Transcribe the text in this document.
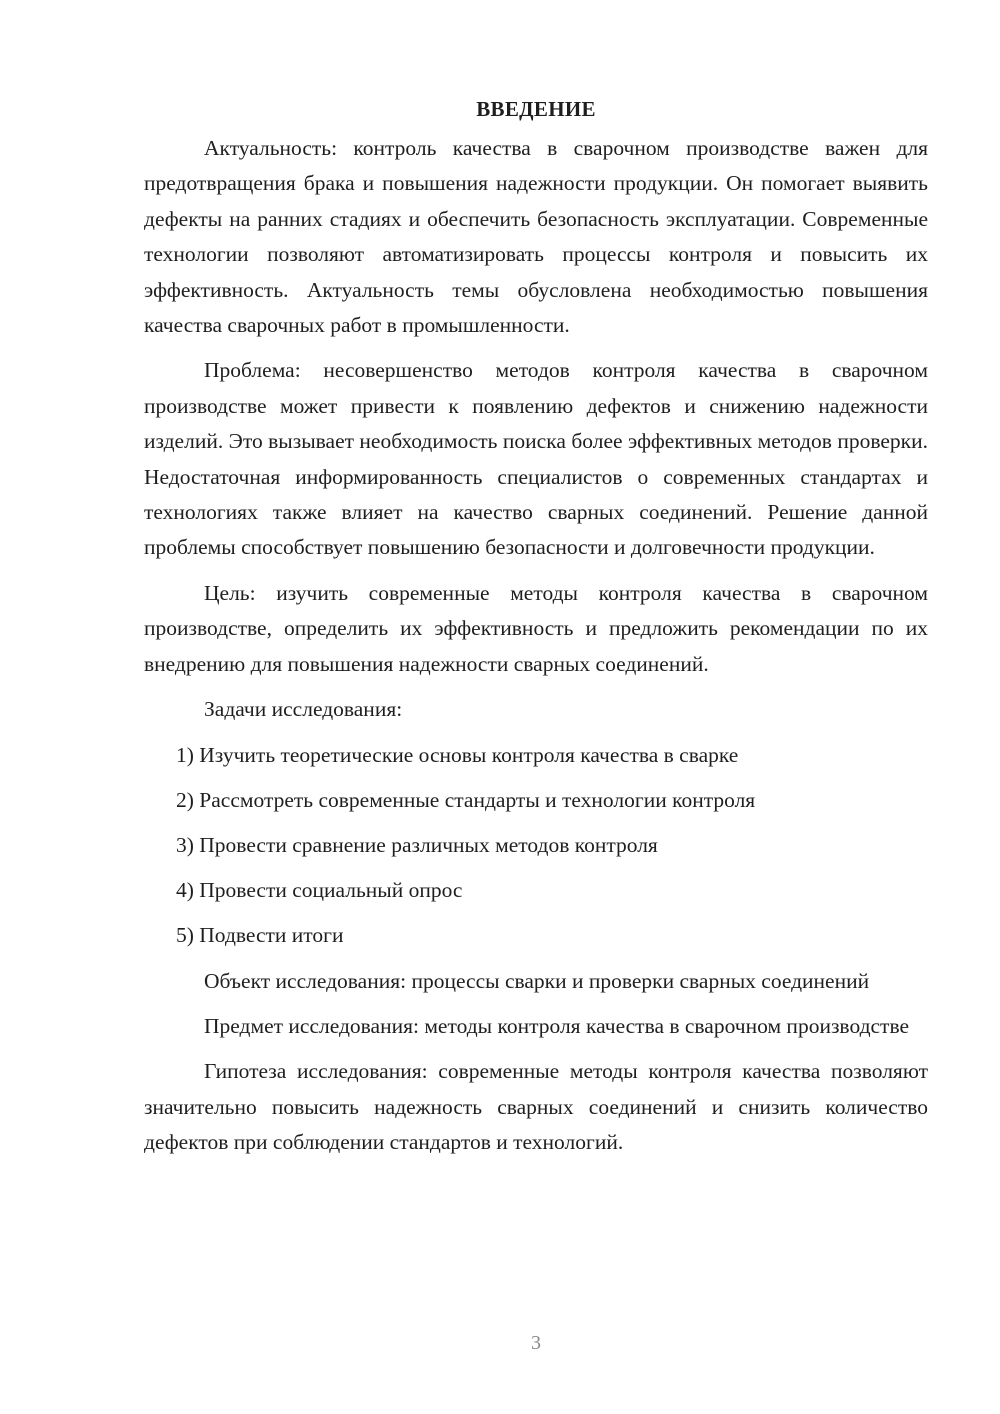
ВВЕДЕНИЕ

Актуальность: контроль качества в сварочном производстве важен для предотвращения брака и повышения надежности продукции. Он помогает выявить дефекты на ранних стадиях и обеспечить безопасность эксплуатации. Современные технологии позволяют автоматизировать процессы контроля и повысить их эффективность. Актуальность темы обусловлена необходимостью повышения качества сварочных работ в промышленности.

Проблема: несовершенство методов контроля качества в сварочном производстве может привести к появлению дефектов и снижению надежности изделий. Это вызывает необходимость поиска более эффективных методов проверки. Недостаточная информированность специалистов о современных стандартах и технологиях также влияет на качество сварных соединений. Решение данной проблемы способствует повышению безопасности и долговечности продукции.

Цель: изучить современные методы контроля качества в сварочном производстве, определить их эффективность и предложить рекомендации по их внедрению для повышения надежности сварных соединений.

Задачи исследования:
1) Изучить теоретические основы контроля качества в сварке
2) Рассмотреть современные стандарты и технологии контроля
3) Провести сравнение различных методов контроля
4) Провести социальный опрос
5) Подвести итоги

Объект исследования: процессы сварки и проверки сварных соединений

Предмет исследования: методы контроля качества в сварочном производстве

Гипотеза исследования: современные методы контроля качества позволяют значительно повысить надежность сварных соединений и снизить количество дефектов при соблюдении стандартов и технологий.

3
